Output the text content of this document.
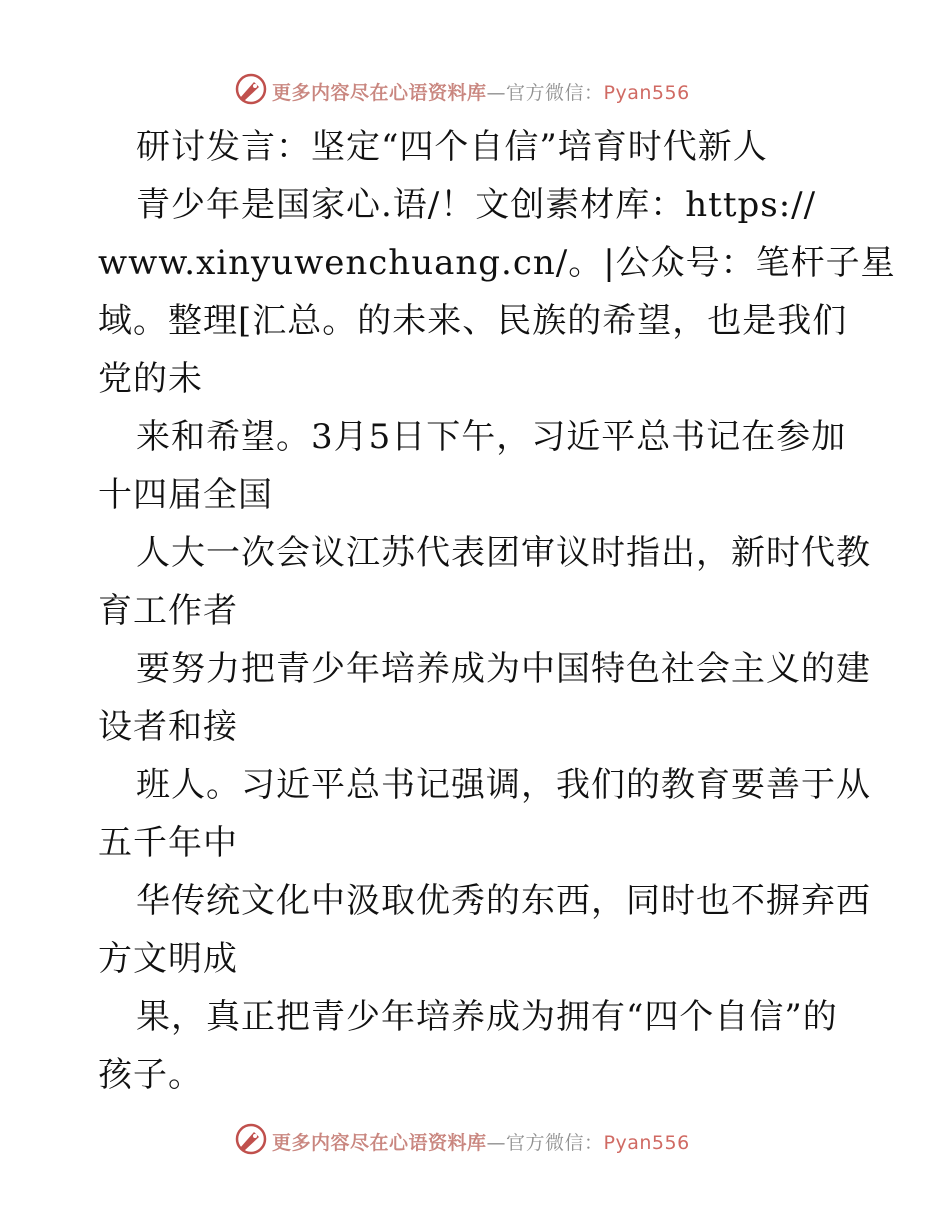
更多内容尽在心语资料库—官方微信：Pyan556
研讨发言：坚定“四个自信”培育时代新人
青少年是国家心.语/！文创素材库：https://
www.xinyuwenchuang.cn/。|公众号：笔杆子星
域。整理[汇总。的未来、民族的希望，也是我们
党的未
来和希望。3月5日下午，习近平总书记在参加
十四届全国
人大一次会议江苏代表团审议时指出，新时代教
育工作者
要努力把青少年培养成为中国特色社会主义的建
设者和接
班人。习近平总书记强调，我们的教育要善于从
五千年中
华传统文化中汲取优秀的东西，同时也不摒弃西
方文明成
果，真正把青少年培养成为拥有“四个自信”的
孩子。
更多内容尽在心语资料库—官方微信：Pyan556
